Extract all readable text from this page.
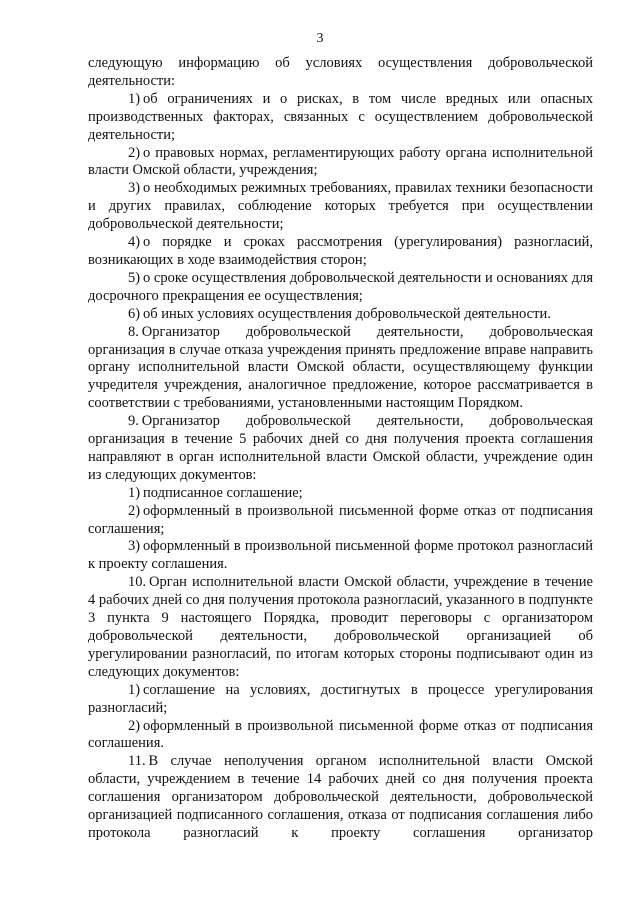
3

следующую информацию об условиях осуществления добровольческой деятельности:

1) об ограничениях и о рисках, в том числе вредных или опасных производственных факторах, связанных с осуществлением добровольческой деятельности;

2) о правовых нормах, регламентирующих работу органа исполнительной власти Омской области, учреждения;

3) о необходимых режимных требованиях, правилах техники безопасности и других правилах, соблюдение которых требуется при осуществлении добровольческой деятельности;

4) о порядке и сроках рассмотрения (урегулирования) разногласий, возникающих в ходе взаимодействия сторон;

5) о сроке осуществления добровольческой деятельности и основаниях для досрочного прекращения ее осуществления;

6) об иных условиях осуществления добровольческой деятельности.

8. Организатор добровольческой деятельности, добровольческая организация в случае отказа учреждения принять предложение вправе направить органу исполнительной власти Омской области, осуществляющему функции учредителя учреждения, аналогичное предложение, которое рассматривается в соответствии с требованиями, установленными настоящим Порядком.

9. Организатор добровольческой деятельности, добровольческая организация в течение 5 рабочих дней со дня получения проекта соглашения направляют в орган исполнительной власти Омской области, учреждение один из следующих документов:

1) подписанное соглашение;

2) оформленный в произвольной письменной форме отказ от подписания соглашения;

3) оформленный в произвольной письменной форме протокол разногласий к проекту соглашения.

10. Орган исполнительной власти Омской области, учреждение в течение 4 рабочих дней со дня получения протокола разногласий, указанного в подпункте 3 пункта 9 настоящего Порядка, проводит переговоры с организатором добровольческой деятельности, добровольческой организацией об урегулировании разногласий, по итогам которых стороны подписывают один из следующих документов:

1) соглашение на условиях, достигнутых в процессе урегулирования разногласий;

2) оформленный в произвольной письменной форме отказ от подписания соглашения.

11. В случае неполучения органом исполнительной власти Омской области, учреждением в течение 14 рабочих дней со дня получения проекта соглашения организатором добровольческой деятельности, добровольческой организацией подписанного соглашения, отказа от подписания соглашения либо протокола разногласий к проекту соглашения организатор
